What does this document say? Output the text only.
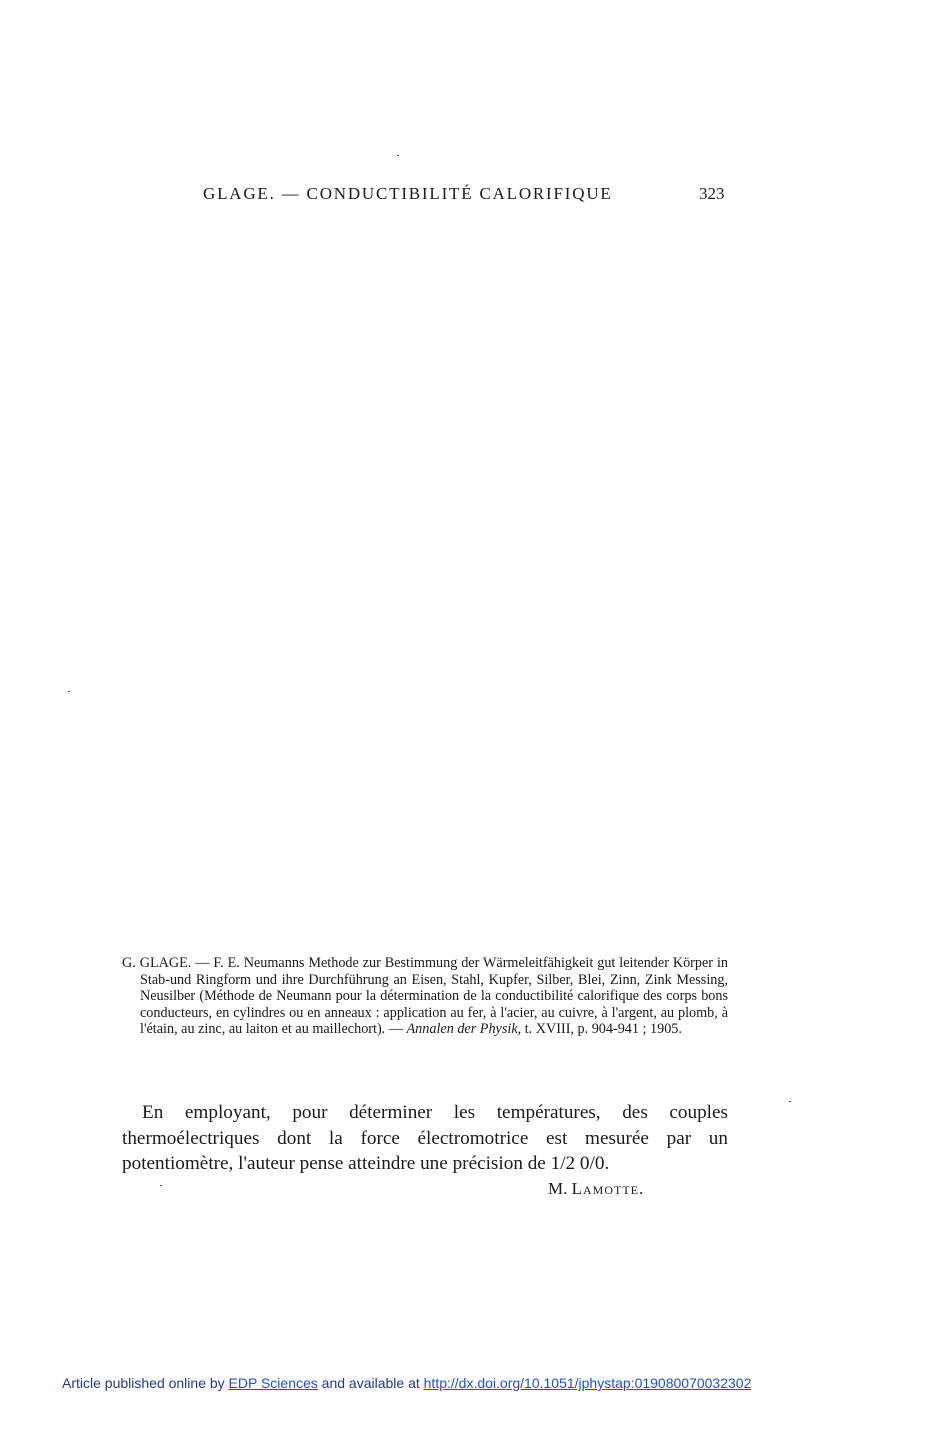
GLAGE. — CONDUCTIBILITÉ CALORIFIQUE	323
G. GLAGE. — F. E. Neumanns Methode zur Bestimmung der Wärmeleitfähigkeit gut leitender Körper in Stab-und Ringform und ihre Durchführung an Eisen, Stahl, Kupfer, Silber, Blei, Zinn, Zink Messing, Neusilber (Méthode de Neumann pour la détermination de la conductibilité calorifique des corps bons conducteurs, en cylindres ou en anneaux : application au fer, à l'acier, au cuivre, à l'argent, au plomb, à l'étain, au zinc, au laiton et au maillechort). — Annalen der Physik, t. XVIII, p. 904-941 ; 1905.

En employant, pour déterminer les températures, des couples thermoélectriques dont la force électromotrice est mesurée par un potentiomètre, l'auteur pense atteindre une précision de 1/2 0/0.

M. Lamotte.
Article published online by EDP Sciences and available at http://dx.doi.org/10.1051/jphystap:019080070032302
